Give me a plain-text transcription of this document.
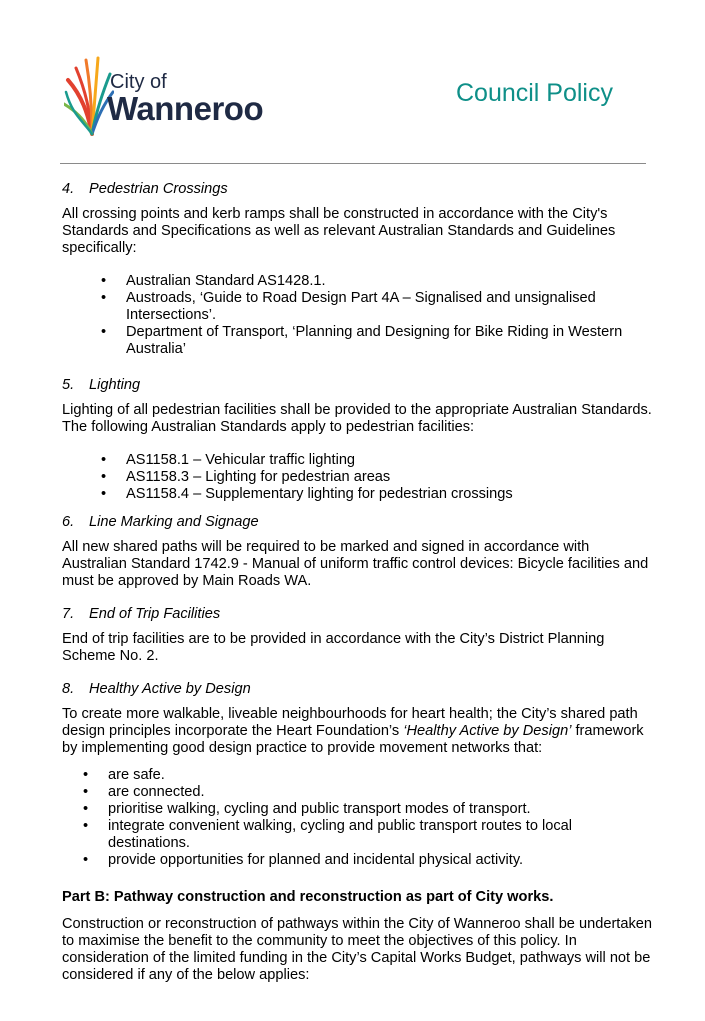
City of
Wanneroo	Council Policy
4.	Pedestrian Crossings

All crossing points and kerb ramps shall be constructed in accordance with the City's Standards and Specifications as well as relevant Australian Standards and Guidelines specifically:

• Australian Standard AS1428.1.
• Austroads, ‘Guide to Road Design Part 4A – Signalised and unsignalised Intersections’.
• Department of Transport, ‘Planning and Designing for Bike Riding in Western Australia’
5.	Lighting

Lighting of all pedestrian facilities shall be provided to the appropriate Australian Standards. The following Australian Standards apply to pedestrian facilities:

• AS1158.1 – Vehicular traffic lighting
• AS1158.3 – Lighting for pedestrian areas
• AS1158.4 – Supplementary lighting for pedestrian crossings
6.	Line Marking and Signage

All new shared paths will be required to be marked and signed in accordance with Australian Standard 1742.9 - Manual of uniform traffic control devices: Bicycle facilities and must be approved by Main Roads WA.

7.	End of Trip Facilities

End of trip facilities are to be provided in accordance with the City’s District Planning Scheme No. 2.

8.	Healthy Active by Design

To create more walkable, liveable neighbourhoods for heart health; the City’s shared path design principles incorporate the Heart Foundation’s ‘Healthy Active by Design’ framework by implementing good design practice to provide movement networks that:

• are safe.
• are connected.
• prioritise walking, cycling and public transport modes of transport.
• integrate convenient walking, cycling and public transport routes to local destinations.
• provide opportunities for planned and incidental physical activity.

Part B: Pathway construction and reconstruction as part of City works.

Construction or reconstruction of pathways within the City of Wanneroo shall be undertaken to maximise the benefit to the community to meet the objectives of this policy. In consideration of the limited funding in the City’s Capital Works Budget, pathways will not be considered if any of the below applies:
